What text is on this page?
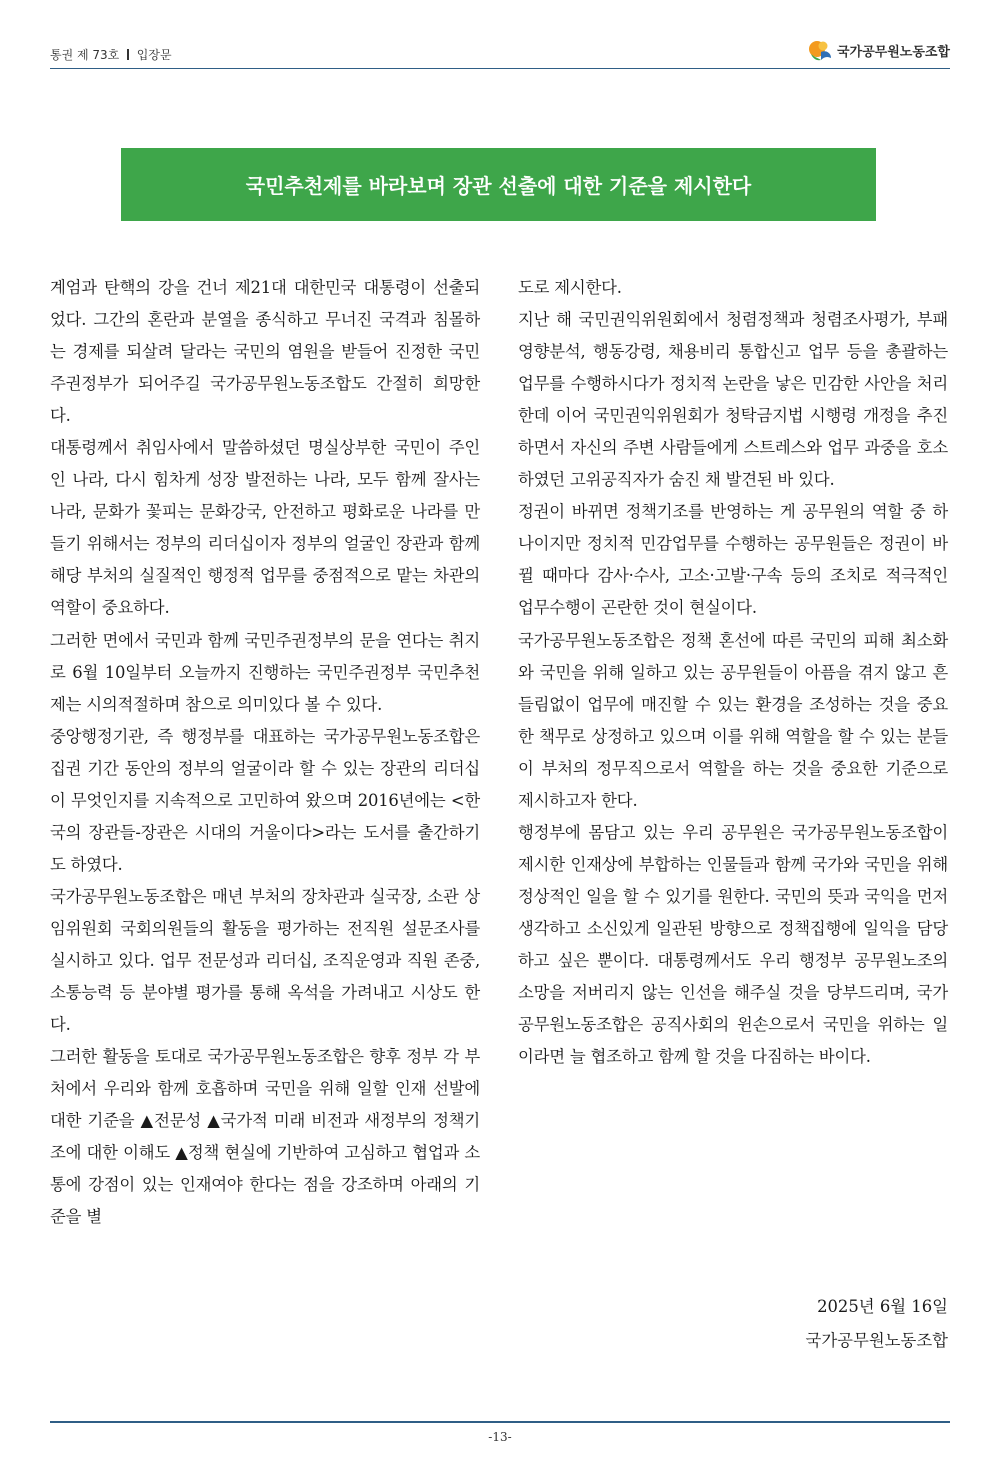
통권 제 73호 입장문	국가공무원노동조합
국민추천제를 바라보며 장관 선출에 대한 기준을 제시한다

계엄과 탄핵의 강을 건너 제21대 대한민국 대통령이 선출되었다. 그간의 혼란과 분열을 종식하고 무너진 국격과 침몰하는 경제를 되살려 달라는 국민의 염원을 받들어 진정한 국민주권정부가 되어주길 국가공무원노동조합도 간절히 희망한다.

대통령께서 취임사에서 말씀하셨던 명실상부한 국민이 주인인 나라, 다시 힘차게 성장 발전하는 나라, 모두 함께 잘사는 나라, 문화가 꽃피는 문화강국, 안전하고 평화로운 나라를 만들기 위해서는 정부의 리더십이자 정부의 얼굴인 장관과 함께 해당 부처의 실질적인 행정적 업무를 중점적으로 맡는 차관의 역할이 중요하다.

그러한 면에서 국민과 함께 국민주권정부의 문을 연다는 취지로 6월 10일부터 오늘까지 진행하는 국민주권정부 국민추천제는 시의적절하며 참으로 의미있다 볼 수 있다.

중앙행정기관, 즉 행정부를 대표하는 국가공무원노동조합은 집권 기간 동안의 정부의 얼굴이라 할 수 있는 장관의 리더십이 무엇인지를 지속적으로 고민하여 왔으며 2016년에는 <한국의 장관들-장관은 시대의 거울이다>라는 도서를 출간하기도 하였다.

국가공무원노동조합은 매년 부처의 장차관과 실국장, 소관 상임위원회 국회의원들의 활동을 평가하는 전직원 설문조사를 실시하고 있다. 업무 전문성과 리더십, 조직운영과 직원 존중, 소통능력 등 분야별 평가를 통해 옥석을 가려내고 시상도 한다.

그러한 활동을 토대로 국가공무원노동조합은 향후 정부 각 부처에서 우리와 함께 호흡하며 국민을 위해 일할 인재 선발에 대한 기준을 ▲전문성 ▲국가적 미래 비전과 새정부의 정책기조에 대한 이해도 ▲정책 현실에 기반하여 고심하고 협업과 소통에 강점이 있는 인재여야 한다는 점을 강조하며 아래의 기준을 별

도로 제시한다.

지난 해 국민권익위원회에서 청렴정책과 청렴조사평가, 부패영향분석, 행동강령, 채용비리 통합신고 업무 등을 총괄하는 업무를 수행하시다가 정치적 논란을 낳은 민감한 사안을 처리한데 이어 국민권익위원회가 청탁금지법 시행령 개정을 추진하면서 자신의 주변 사람들에게 스트레스와 업무 과중을 호소하였던 고위공직자가 숨진 채 발견된 바 있다.

정권이 바뀌면 정책기조를 반영하는 게 공무원의 역할 중 하나이지만 정치적 민감업무를 수행하는 공무원들은 정권이 바뀔 때마다 감사·수사, 고소·고발·구속 등의 조치로 적극적인 업무수행이 곤란한 것이 현실이다.

국가공무원노동조합은 정책 혼선에 따른 국민의 피해 최소화와 국민을 위해 일하고 있는 공무원들이 아픔을 겪지 않고 흔들림없이 업무에 매진할 수 있는 환경을 조성하는 것을 중요한 책무로 상정하고 있으며 이를 위해 역할을 할 수 있는 분들이 부처의 정무직으로서 역할을 하는 것을 중요한 기준으로 제시하고자 한다.

행정부에 몸담고 있는 우리 공무원은 국가공무원노동조합이 제시한 인재상에 부합하는 인물들과 함께 국가와 국민을 위해 정상적인 일을 할 수 있기를 원한다. 국민의 뜻과 국익을 먼저 생각하고 소신있게 일관된 방향으로 정책집행에 일익을 담당하고 싶은 뿐이다. 대통령께서도 우리 행정부 공무원노조의 소망을 저버리지 않는 인선을 해주실 것을 당부드리며, 국가공무원노동조합은 공직사회의 윈손으로서 국민을 위하는 일이라면 늘 협조하고 함께 할 것을 다짐하는 바이다.

2025년 6월 16일
국가공무원노동조합
-13-
